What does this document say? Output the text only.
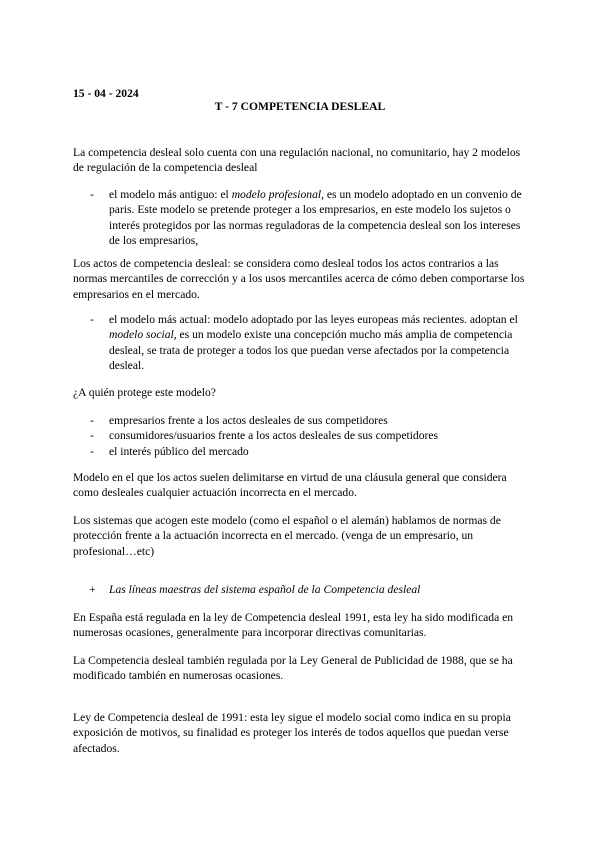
15 - 04 - 2024

T - 7 COMPETENCIA DESLEAL

La competencia desleal solo cuenta con una regulación nacional, no comunitario, hay 2 modelos de regulación de la competencia desleal

- el modelo más antiguo: el modelo profesional, es un modelo adoptado en un convenio de paris. Este modelo se pretende proteger a los empresarios, en este modelo los sujetos o interés protegidos por las normas reguladoras de la competencia desleal son los intereses de los empresarios,

Los actos de competencia desleal: se considera como desleal todos los actos contrarios a las normas mercantiles de corrección y a los usos mercantiles acerca de cómo deben comportarse los empresarios en el mercado.

- el modelo más actual: modelo adoptado por las leyes europeas más recientes. adoptan el modelo social, es un modelo existe una concepción mucho más amplia de competencia desleal, se trata de proteger a todos los que puedan verse afectados por la competencia desleal.

¿A quién protege este modelo?

- empresarios frente a los actos desleales de sus competidores
- consumidores/usuarios frente a los actos desleales de sus competidores
- el interés público del mercado

Modelo en el que los actos suelen delimitarse en virtud de una cláusula general que considera como desleales cualquier actuación incorrecta en el mercado.

Los sistemas que acogen este modelo (como el español o el alemán) hablamos de normas de protección frente a la actuación incorrecta en el mercado. (venga de un empresario, un profesional…etc)

+ Las líneas maestras del sistema español de la Competencia desleal

En España está regulada en la ley de Competencia desleal 1991, esta ley ha sido modificada en numerosas ocasiones, generalmente para incorporar directivas comunitarias.

La Competencia desleal también regulada por la Ley General de Publicidad de 1988, que se ha modificado también en numerosas ocasiones.

Ley de Competencia desleal de 1991: esta ley sigue el modelo social como indica en su propia exposición de motivos, su finalidad es proteger los interés de todos aquellos que puedan verse afectados.
